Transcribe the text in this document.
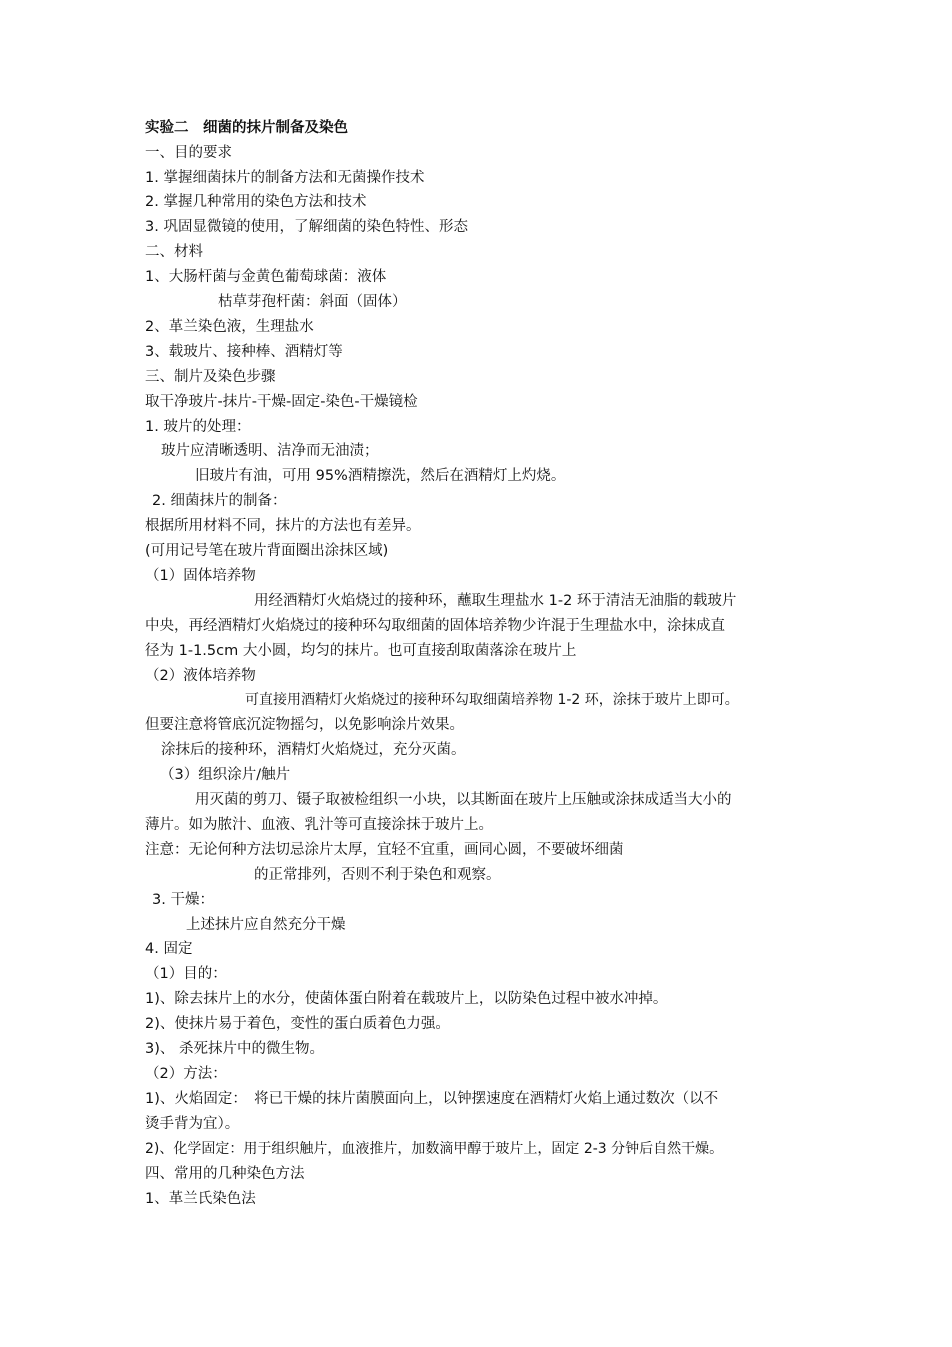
实验二　细菌的抹片制备及染色
一、目的要求
1. 掌握细菌抹片的制备方法和无菌操作技术
2. 掌握几种常用的染色方法和技术
3. 巩固显微镜的使用，了解细菌的染色特性、形态
二、材料
1、大肠杆菌与金黄色葡萄球菌：液体
枯草芽孢杆菌：斜面（固体）
2、革兰染色液，生理盐水
3、载玻片、接种棒、酒精灯等
三、制片及染色步骤
取干净玻片-抹片-干燥-固定-染色-干燥镜检
1. 玻片的处理：
玻片应清晰透明、洁净而无油渍；
旧玻片有油，可用 95%酒精擦洗，然后在酒精灯上灼烧。
2. 细菌抹片的制备：
根据所用材料不同，抹片的方法也有差异。
(可用记号笔在玻片背面圈出涂抹区域)
（1）固体培养物
用经酒精灯火焰烧过的接种环，蘸取生理盐水 1-2 环于清洁无油脂的载玻片
中央，再经酒精灯火焰烧过的接种环勾取细菌的固体培养物少许混于生理盐水中，涂抹成直
径为 1-1.5cm 大小圆，均匀的抹片。也可直接刮取菌落涂在玻片上
（2）液体培养物
可直接用酒精灯火焰烧过的接种环勾取细菌培养物 1-2 环，涂抹于玻片上即可。
但要注意将管底沉淀物摇匀，以免影响涂片效果。
涂抹后的接种环，酒精灯火焰烧过，充分灭菌。
（3）组织涂片/触片
用灭菌的剪刀、镊子取被检组织一小块，以其断面在玻片上压触或涂抹成适当大小的
薄片。如为脓汁、血液、乳汁等可直接涂抹于玻片上。
注意：无论何种方法切忌涂片太厚，宜轻不宜重，画同心圆，不要破坏细菌
的正常排列，否则不利于染色和观察。
3. 干燥：
上述抹片应自然充分干燥
4. 固定
（1）目的：
1)、除去抹片上的水分，使菌体蛋白附着在载玻片上，以防染色过程中被水冲掉。
2)、使抹片易于着色，变性的蛋白质着色力强。
3)、 杀死抹片中的微生物。
（2）方法：
1)、火焰固定：　将已干燥的抹片菌膜面向上，以钟摆速度在酒精灯火焰上通过数次（以不
烫手背为宜）。
2)、化学固定：用于组织触片，血液推片，加数滴甲醇于玻片上，固定 2-3 分钟后自然干燥。
四、常用的几种染色方法
1、革兰氏染色法
